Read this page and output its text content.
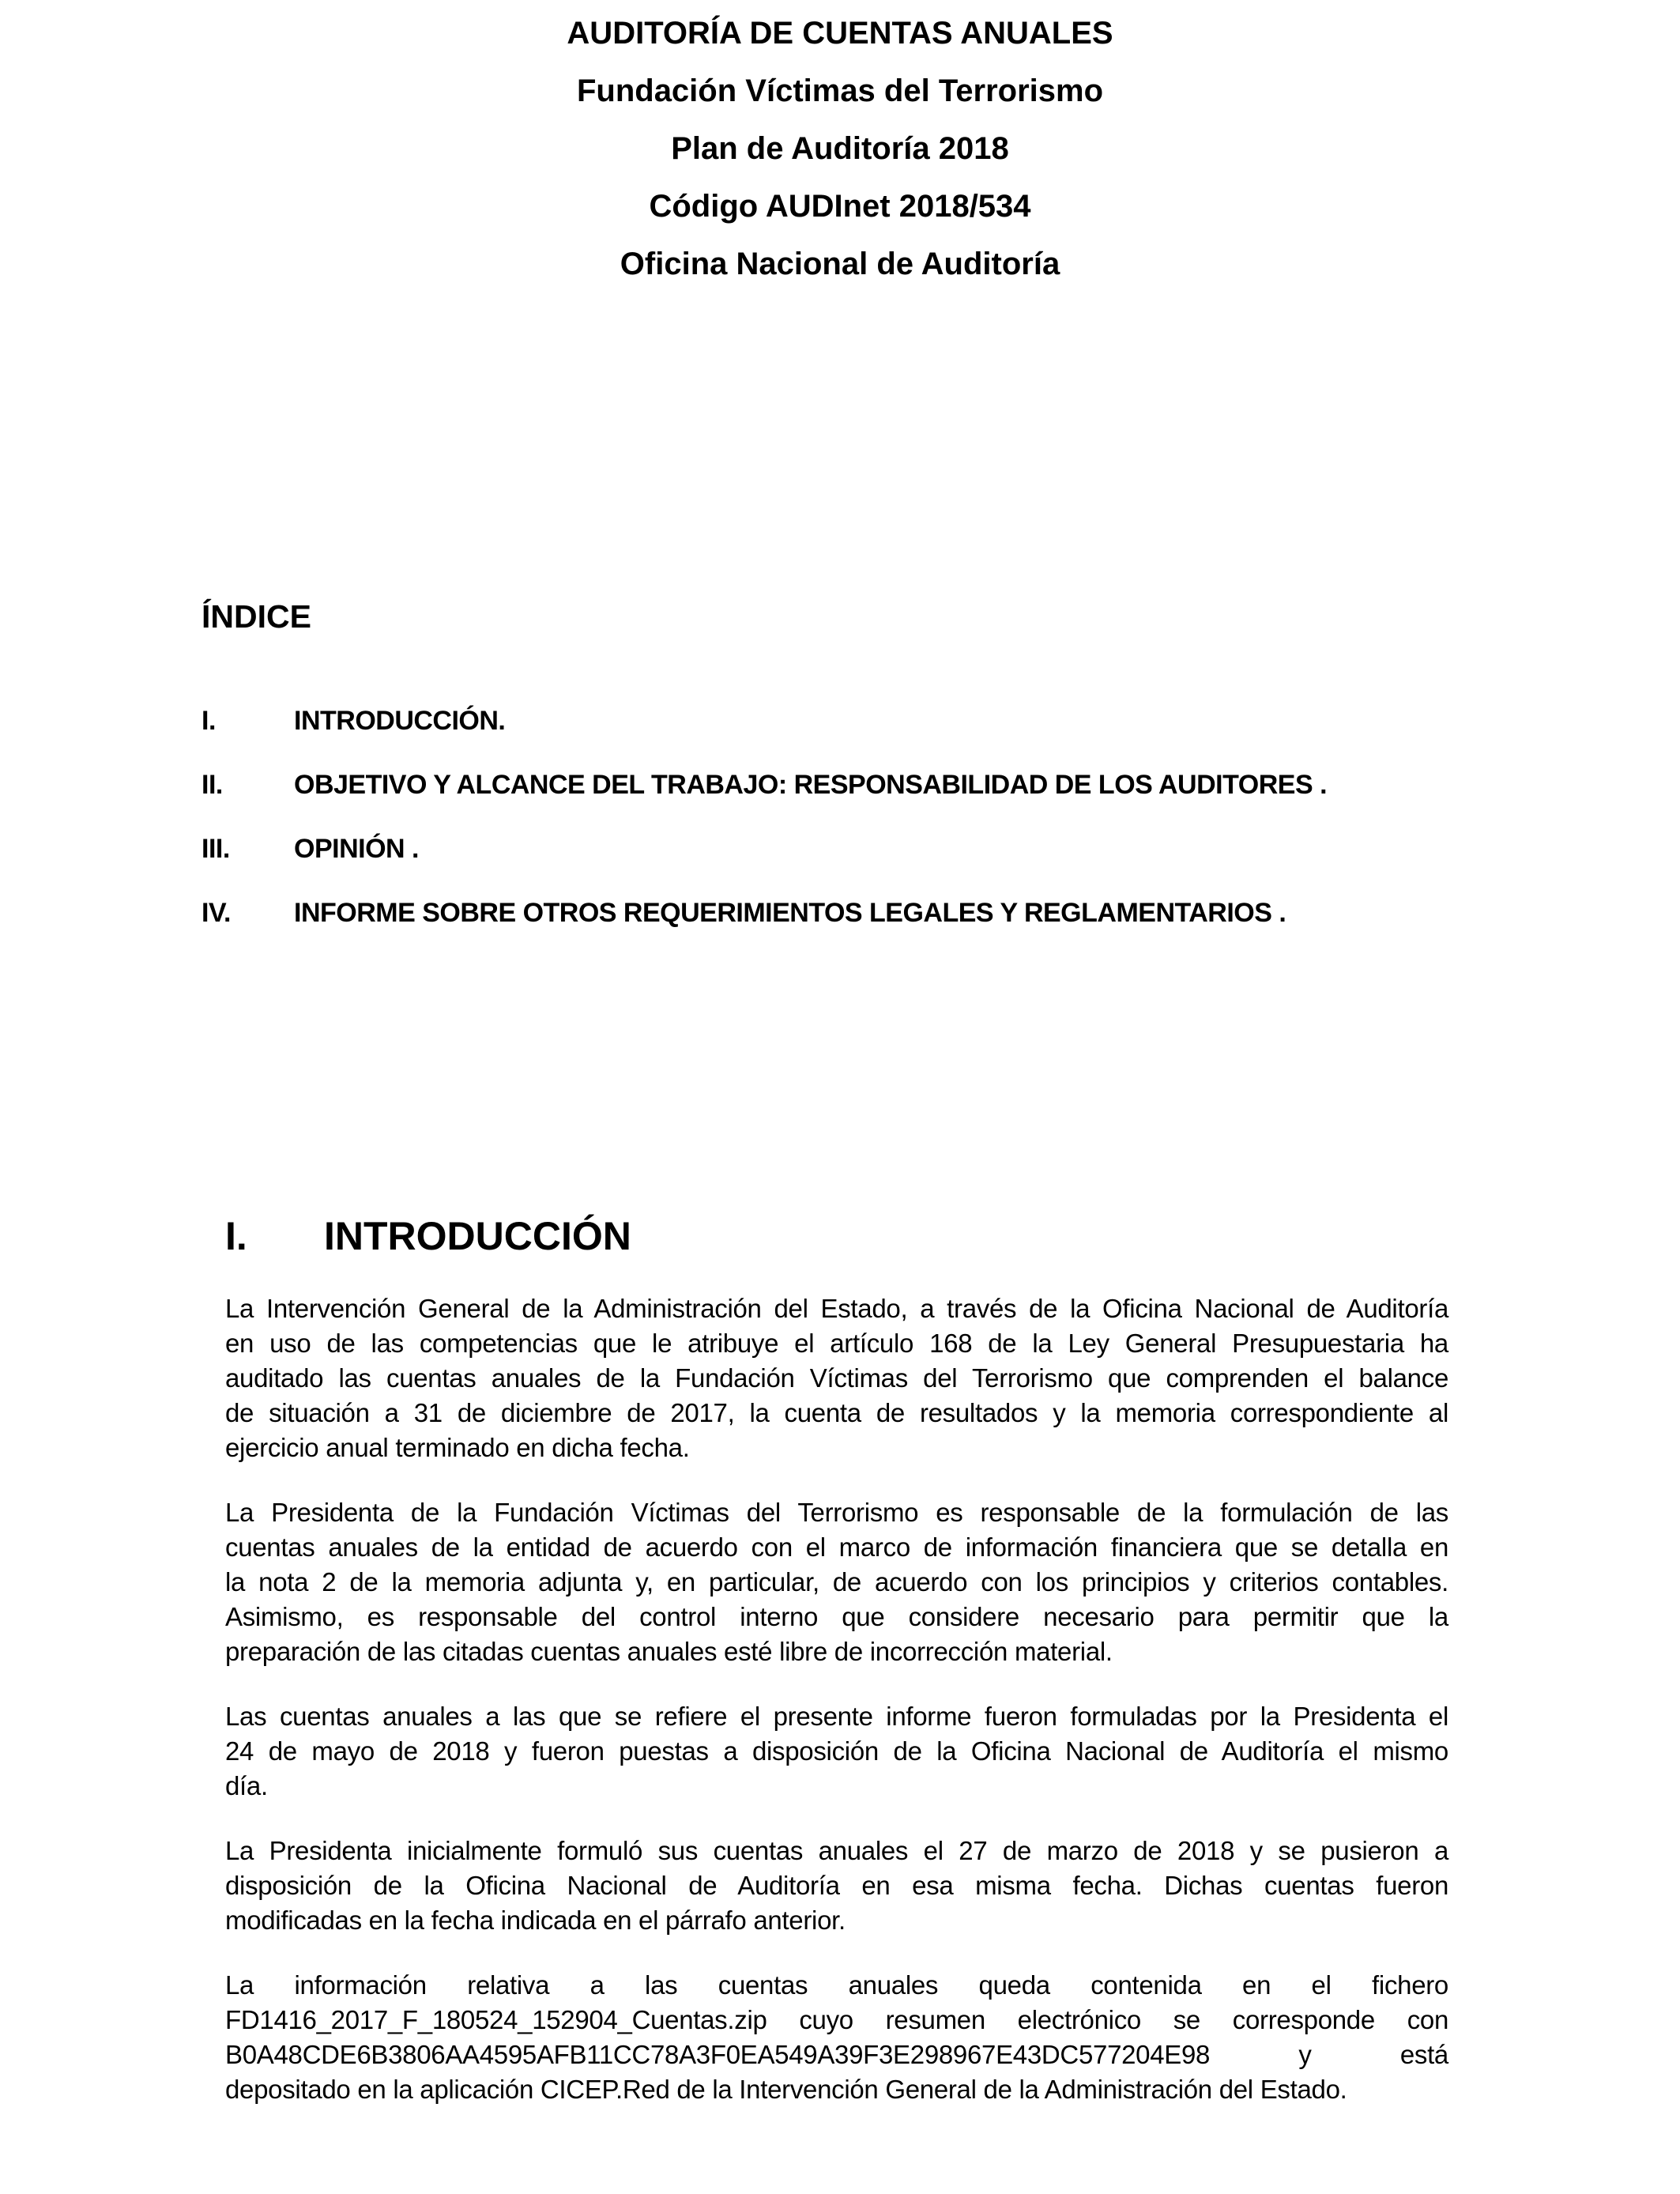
AUDITORÍA DE CUENTAS ANUALES
Fundación Víctimas del Terrorismo
Plan de Auditoría 2018
Código AUDInet 2018/534
Oficina Nacional de Auditoría
ÍNDICE
I.	INTRODUCCIÓN.
II.	OBJETIVO Y ALCANCE DEL TRABAJO: RESPONSABILIDAD DE LOS AUDITORES .
III.	OPINIÓN .
IV.	INFORME SOBRE OTROS REQUERIMIENTOS LEGALES Y REGLAMENTARIOS .
I.	INTRODUCCIÓN
La Intervención General de la Administración del Estado, a través de la Oficina Nacional de Auditoría
en uso de las competencias que le atribuye el artículo 168 de la Ley General Presupuestaria ha
auditado las cuentas anuales de la Fundación Víctimas del Terrorismo que comprenden el balance
de situación a 31 de diciembre de 2017, la cuenta de resultados y la memoria correspondiente al
ejercicio anual terminado en dicha fecha.
La Presidenta de la Fundación Víctimas del Terrorismo es responsable de la formulación de las
cuentas anuales de la entidad de acuerdo con el marco de información financiera que se detalla en
la nota 2 de la memoria adjunta y, en particular, de acuerdo con los principios y criterios contables.
Asimismo, es responsable del control interno que considere necesario para permitir que la
preparación de las citadas cuentas anuales esté libre de incorrección material.
Las cuentas anuales a las que se refiere el presente informe fueron formuladas por la Presidenta el
24 de mayo de 2018 y fueron puestas a disposición de la Oficina Nacional de Auditoría el mismo
día.
La Presidenta inicialmente formuló sus cuentas anuales el 27 de marzo de 2018 y se pusieron a
disposición de la Oficina Nacional de Auditoría en esa misma fecha. Dichas cuentas fueron
modificadas en la fecha indicada en el párrafo anterior.
La información relativa a las cuentas anuales queda contenida en el fichero
FD1416_2017_F_180524_152904_Cuentas.zip cuyo resumen electrónico se corresponde con
B0A48CDE6B3806AA4595AFB11CC78A3F0EA549A39F3E298967E43DC577204E98 y está
depositado en la aplicación CICEP.Red de la Intervención General de la Administración del Estado.
